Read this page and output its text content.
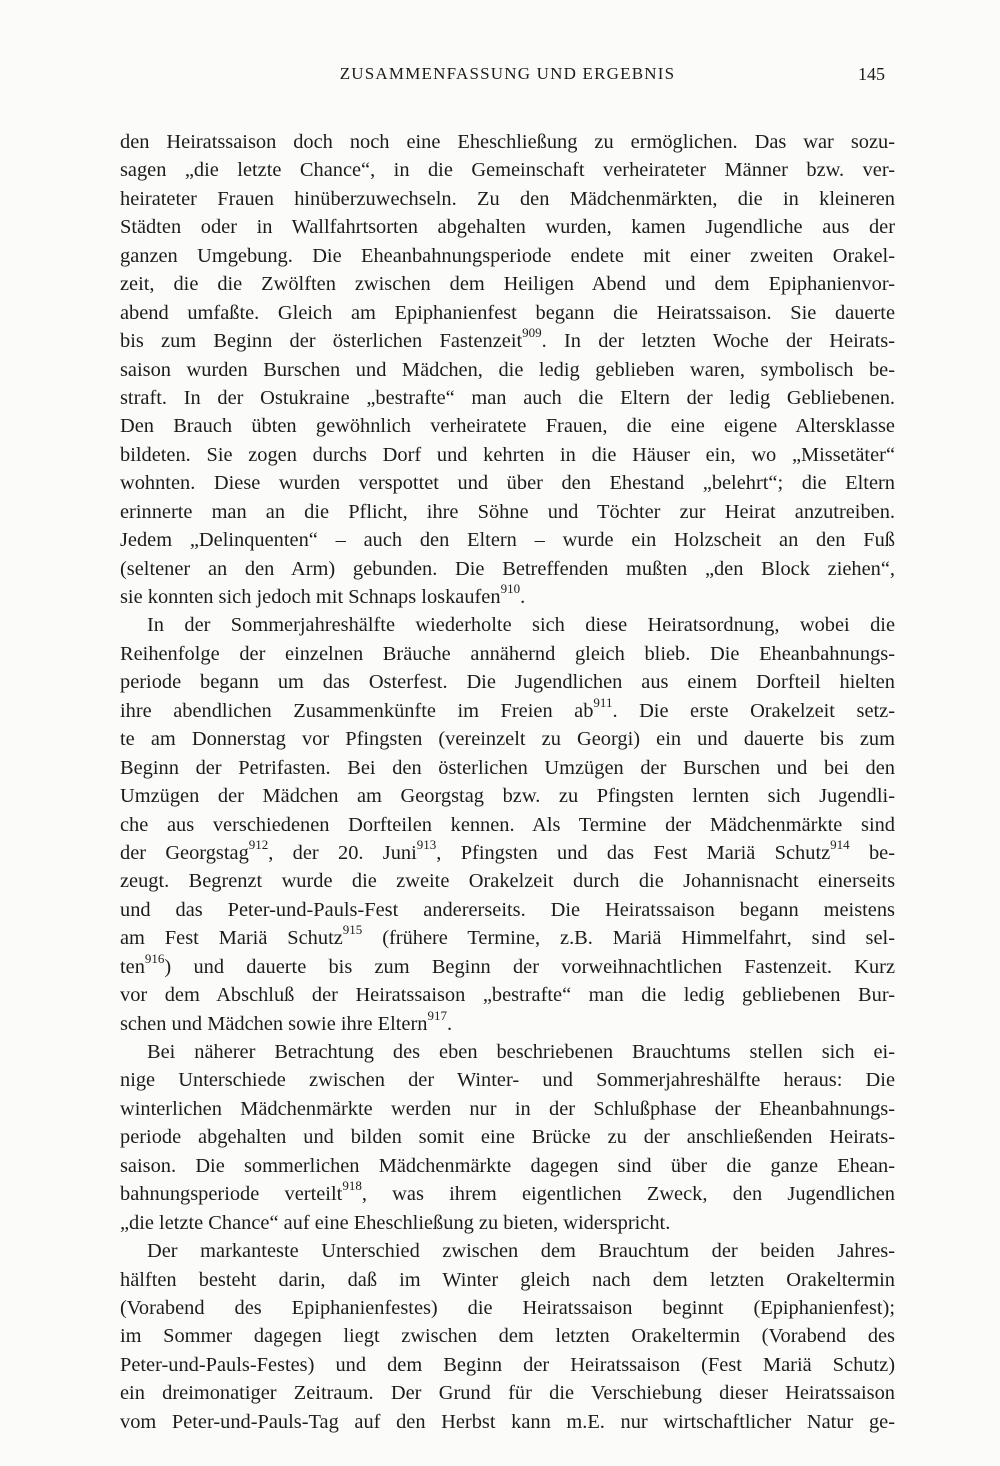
ZUSAMMENFASSUNG UND ERGEBNIS	145
den Heiratssaison doch noch eine Eheschließung zu ermöglichen. Das war sozu-
sagen „die letzte Chance“, in die Gemeinschaft verheirateter Männer bzw. ver-
heirateter Frauen hinüberzuwechseln. Zu den Mädchenmärkten, die in kleineren
Städten oder in Wallfahrtsorten abgehalten wurden, kamen Jugendliche aus der
ganzen Umgebung. Die Eheanbahnungsperiode endete mit einer zweiten Orakel-
zeit, die die Zwölften zwischen dem Heiligen Abend und dem Epiphanienvor-
abend umfaßte. Gleich am Epiphanienfest begann die Heiratssaison. Sie dauerte
bis zum Beginn der österlichen Fastenzeit$^{909}$. In der letzten Woche der Heirats-
saison wurden Burschen und Mädchen, die ledig geblieben waren, symbolisch be-
straft. In der Ostukraine „bestrafte“ man auch die Eltern der ledig Gebliebenen.
Den Brauch übten gewöhnlich verheiratete Frauen, die eine eigene Altersklasse
bildeten. Sie zogen durchs Dorf und kehrten in die Häuser ein, wo „Missetäter“
wohnten. Diese wurden verspottet und über den Ehestand „belehrt“; die Eltern
erinnerte man an die Pflicht, ihre Söhne und Töchter zur Heirat anzutreiben.
Jedem „Delinquenten“ – auch den Eltern – wurde ein Holzscheit an den Fuß
(seltener an den Arm) gebunden. Die Betreffenden mußten „den Block ziehen“,
sie konnten sich jedoch mit Schnaps loskaufen$^{910}$.
In der Sommerjahreshälfte wiederholte sich diese Heiratsordnung, wobei die
Reihenfolge der einzelnen Bräuche annähernd gleich blieb. Die Eheanbahnungs-
periode begann um das Osterfest. Die Jugendlichen aus einem Dorfteil hielten
ihre abendlichen Zusammenkünfte im Freien $ab^{911}$. Die erste Orakelzeit setz-
te am Donnerstag vor Pfingsten (vereinzelt zu Georgi) ein und dauerte bis zum
Beginn der Petrifasten. Bei den österlichen Umzügen der Burschen und bei den
Umzügen der Mädchen am Georgstag bzw. zu Pfingsten lernten sich Jugendli-
che aus verschiedenen Dorfteilen kennen. Als Termine der Mädchenmärkte sind
der Georgstag$^{912}$, der 20. Juni$^{913}$, Pfingsten und das Fest Mariä Schutz$^{914}$ be-
zeugt. Begrenzt wurde die zweite Orakelzeit durch die Johannisnacht einerseits
und das Peter-und-Pauls-Fest andererseits. Die Heiratssaison begann meistens
am Fest Mariä Schutz$^{915}$ (frühere Termine, z.B. Mariä Himmelfahrt, sind sel-
ten$^{916}$) und dauerte bis zum Beginn der vorweihnachtlichen Fastenzeit. Kurz
vor dem Abschluß der Heiratssaison „bestrafte“ man die ledig gebliebenen Bur-
schen und Mädchen sowie ihre Eltern$^{917}$.
Bei näherer Betrachtung des eben beschriebenen Brauchtums stellen sich ei-
nige Unterschiede zwischen der Winter- und Sommerjahreshälfte heraus: Die
winterlichen Mädchenmärkte werden nur in der Schlußphase der Eheanbahnungs-
periode abgehalten und bilden somit eine Brücke zu der anschließenden Heirats-
saison. Die sommerlichen Mädchenmärkte dagegen sind über die ganze Ehean-
bahnungsperiode verteilt$^{918}$, was ihrem eigentlichen Zweck, den Jugendlichen
„die letzte Chance“ auf eine Eheschließung zu bieten, widerspricht.
Der markanteste Unterschied zwischen dem Brauchtum der beiden Jahres-
hälften besteht darin, daß im Winter gleich nach dem letzten Orakeltermin
(Vorabend des Epiphanienfestes) die Heiratssaison beginnt (Epiphanienfest);
im Sommer dagegen liegt zwischen dem letzten Orakeltermin (Vorabend des
Peter-und-Pauls-Festes) und dem Beginn der Heiratssaison (Fest Mariä Schutz)
ein dreimonatiger Zeitraum. Der Grund für die Verschiebung dieser Heiratssaison
vom Peter-und-Pauls-Tag auf den Herbst kann m.E. nur wirtschaftlicher Natur ge-
